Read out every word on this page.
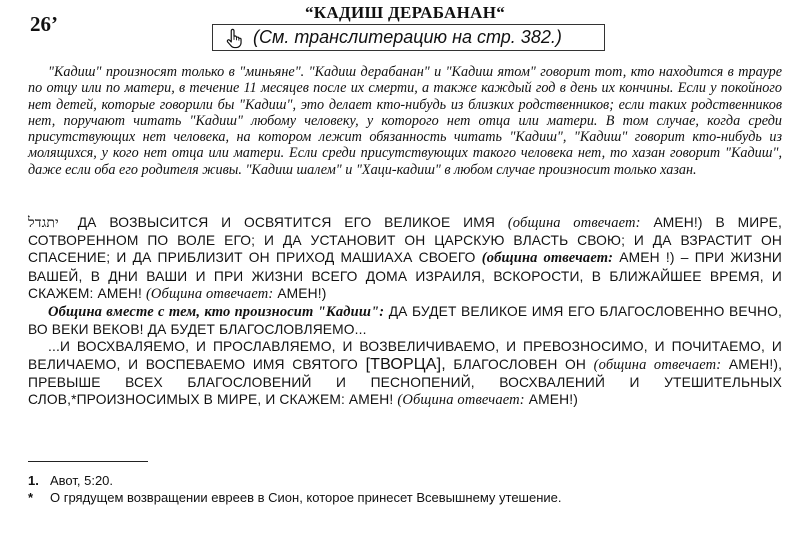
26’	“КАДИШ ДЕРАБАНАН“
(См. транслитерацию на стр. 382.)
"Кадиш" произносят только в "миньяне". "Кадиш дерабанан" и "Кадиш ятом" говорит тот, кто находится в трауре по отцу или по матери, в течение 11 месяцев после их смерти, а также каждый год в день их кончины. Если у покойного нет детей, которые говорили бы "Кадиш", это делает кто-нибудь из близких родственников; если таких родственников нет, поручают читать "Кадиш" любому человеку, у которого нет отца или матери. В том случае, когда среди присутствующих нет человека, на котором лежит обязанность читать "Кадиш", "Кадиш" говорит кто-нибудь из молящихся, у кого нет отца или матери. Если среди присутствующих такого человека нет, то хазан говорит "Кадиш", даже если оба его родителя живы. "Кадиш шалем" и "Хаци-кадиш" в любом случае произносит только хазан.

יתגדל ДА ВОЗВЫСИТСЯ И ОСВЯТИТСЯ ЕГО ВЕЛИКОЕ ИМЯ (община отвечает: АМЕН!) В МИРЕ, СОТВОРЕННОМ ПО ВОЛЕ ЕГО; И ДА УСТАНОВИТ ОН ЦАРСКУЮ ВЛАСТЬ СВОЮ; И ДА ВЗРАСТИТ ОН СПАСЕНИЕ; И ДА ПРИБЛИЗИТ ОН ПРИХОД МАШИАХА СВОЕГО (община отвечает: АМЕН !) – ПРИ ЖИЗНИ ВАШЕЙ, В ДНИ ВАШИ И ПРИ ЖИЗНИ ВСЕГО ДОМА ИЗРАИЛЯ, ВСКОРОСТИ, В БЛИЖАЙШЕЕ ВРЕМЯ, И СКАЖЕМ: АМЕН! (Община отвечает: АМЕН!)

Община вместе с тем, кто произносит "Кадиш": ДА БУДЕТ ВЕЛИКОЕ ИМЯ ЕГО БЛАГОСЛОВЕННО ВЕЧНО, ВО ВЕКИ ВЕКОВ! ДА БУДЕТ БЛАГОСЛОВЛЯЕМО...

...И ВОСХВАЛЯЕМО, И ПРОСЛАВЛЯЕМО, И ВОЗВЕЛИЧИВАЕМО, И ПРЕВОЗНОСИМО, И ПОЧИТАЕМО, И ВЕЛИЧАЕМО, И ВОСПЕВАЕМО ИМЯ СВЯТОГО [ТВОРЦА], БЛАГОСЛОВЕН ОН (община отвечает: АМЕН!), ПРЕВЫШЕ ВСЕХ БЛАГОСЛОВЕНИЙ И ПЕСНОПЕНИЙ, ВОСХВАЛЕНИЙ И УТЕШИТЕЛЬНЫХ СЛОВ,*ПРОИЗНОСИМЫХ В МИРЕ, И СКАЖЕМ: АМЕН! (Община отвечает: АМЕН!)

1. Авот, 5:20.
* О грядущем возвращении евреев в Сион, которое принесет Всевышнему утешение.
